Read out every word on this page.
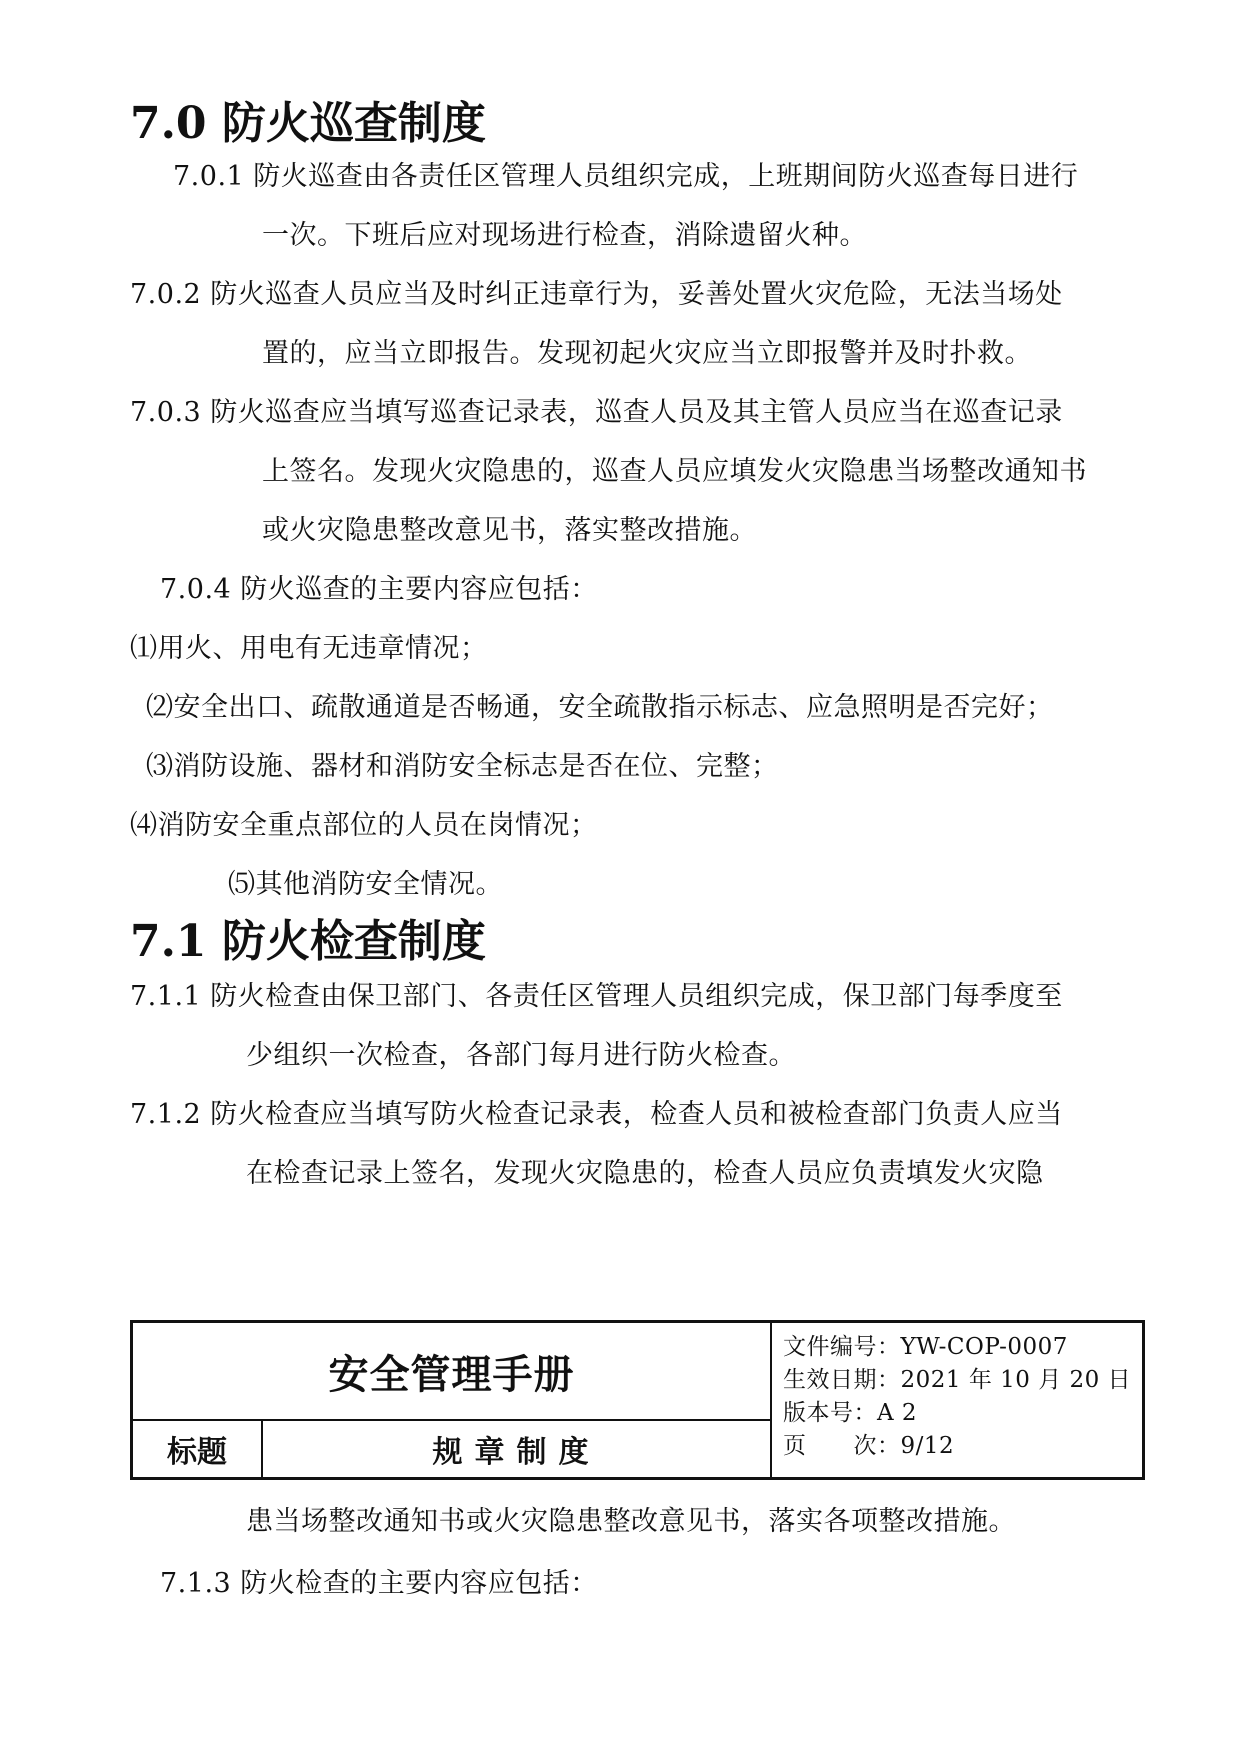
7.0 防火巡查制度
7.0.1 防火巡查由各责任区管理人员组织完成，上班期间防火巡查每日进行
一次。下班后应对现场进行检查，消除遗留火种。
7.0.2 防火巡查人员应当及时纠正违章行为，妥善处置火灾危险，无法当场处
置的，应当立即报告。发现初起火灾应当立即报警并及时扑救。
7.0.3 防火巡查应当填写巡查记录表，巡查人员及其主管人员应当在巡查记录
上签名。发现火灾隐患的，巡查人员应填发火灾隐患当场整改通知书
或火灾隐患整改意见书，落实整改措施。
7.0.4 防火巡查的主要内容应包括：
⑴用火、用电有无违章情况；
⑵安全出口、疏散通道是否畅通，安全疏散指示标志、应急照明是否完好；
⑶消防设施、器材和消防安全标志是否在位、完整；
⑷消防安全重点部位的人员在岗情况；
⑸其他消防安全情况。
7.1 防火检查制度
7.1.1 防火检查由保卫部门、各责任区管理人员组织完成，保卫部门每季度至
少组织一次检查，各部门每月进行防火检查。
7.1.2 防火检查应当填写防火检查记录表，检查人员和被检查部门负责人应当
在检查记录上签名，发现火灾隐患的，检查人员应负责填发火灾隐
安全管理手册
标题	规章制度
文件编号：YW-COP-0007
生效日期：2021 年 10 月 20 日
版本号：A 2
页　　次：9/12
患当场整改通知书或火灾隐患整改意见书，落实各项整改措施。
7.1.3 防火检查的主要内容应包括：
